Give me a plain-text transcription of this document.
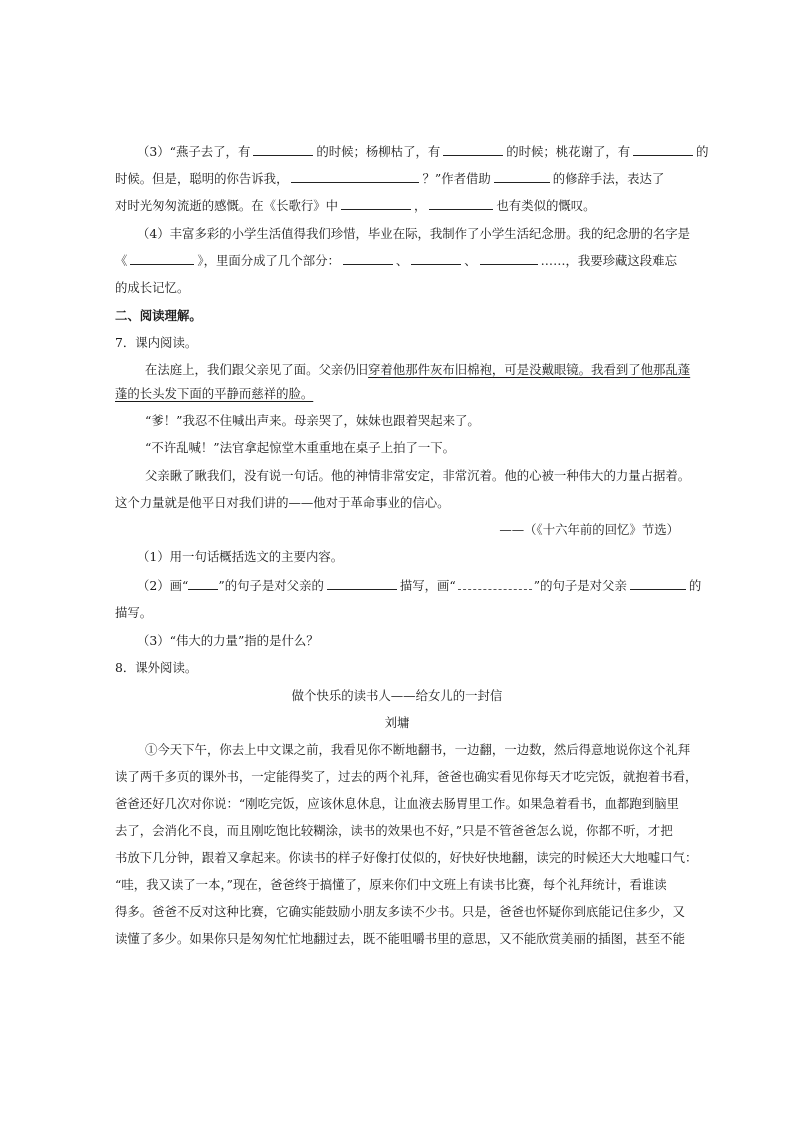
（3）“燕子去了，有	的时候；杨柳枯了，有	的时候；桃花谢了，有	的
时候。但是，聪明的你告诉我，	？”作者借助	的修辞手法，表达了
对时光匆匆流逝的感慨。在《长歌行》中	，	也有类似的慨叹。
（4）丰富多彩的小学生活值得我们珍惜，毕业在际，我制作了小学生活纪念册。我的纪念册的名字是
《	》，里面分成了几个部分：	、	、	……，我要珍藏这段难忘
的成长记忆。
二、阅读理解。
7．课内阅读。
在法庭上，我们跟父亲见了面。父亲仍旧穿着他那件灰布旧棉袍，可是没戴眼镜。我看到了他那乱蓬
蓬的长头发下面的平静而慈祥的脸。
“爹！”我忍不住喊出声来。母亲哭了，妹妹也跟着哭起来了。
“不许乱喊！”法官拿起惊堂木重重地在桌子上拍了一下。
父亲瞅了瞅我们，没有说一句话。他的神情非常安定，非常沉着。他的心被一种伟大的力量占据着。
这个力量就是他平日对我们讲的——他对于革命事业的信心。
——（《十六年前的回忆》节选）
（1）用一句话概括选文的主要内容。
（2）画“ ”的句子是对父亲的	描写，画“	”的句子是对父亲	的
描写。
（3）“伟大的力量”指的是什么？
8．课外阅读。
做个快乐的读书人——给女儿的一封信
刘墉
①今天下午，你去上中文课之前，我看见你不断地翻书，一边翻，一边数，然后得意地说你这个礼拜
读了两千多页的课外书，一定能得奖了，过去的两个礼拜，爸爸也确实看见你每天才吃完饭，就抱着书看，
爸爸还好几次对你说：“刚吃完饭，应该休息休息，让血液去肠胃里工作。如果急着看书，血都跑到脑里
去了，会消化不良，而且刚吃饱比较糊涂，读书的效果也不好，”只是不管爸爸怎么说，你都不听，才把
书放下几分钟，跟着又拿起来。你读书的样子好像打仗似的，好快好快地翻，读完的时候还大大地嘘口气：
“哇，我又读了一本，”现在，爸爸终于搞懂了，原来你们中文班上有读书比赛，每个礼拜统计，看谁读
得多。爸爸不反对这种比赛，它确实能鼓励小朋友多读不少书。只是，爸爸也怀疑你到底能记住多少，又
读懂了多少。如果你只是匆匆忙忙地翻过去，既不能咀嚼书里的意思，又不能欣赏美丽的插图，甚至不能
